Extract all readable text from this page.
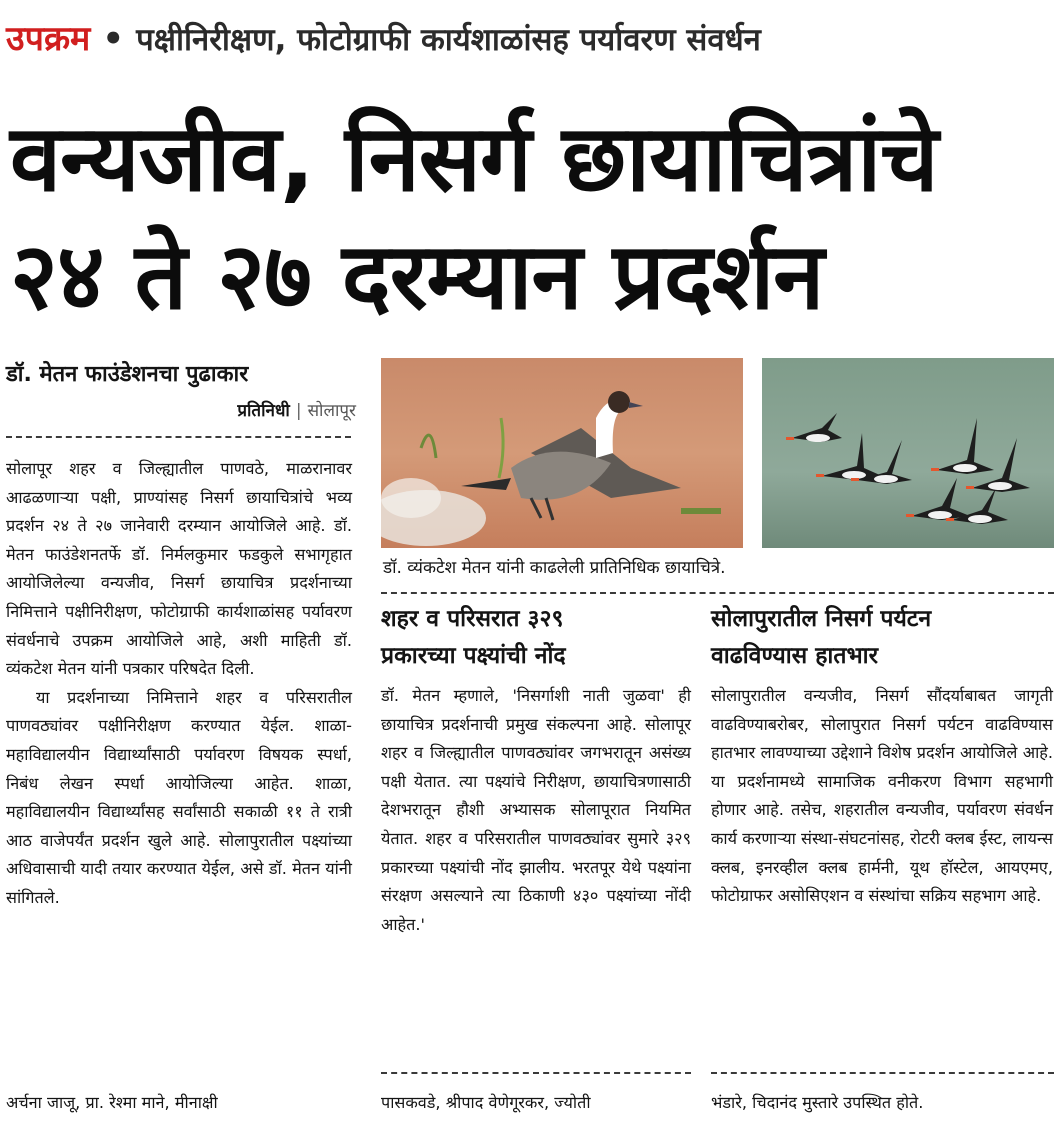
उपक्रम • पक्षीनिरीक्षण, फोटोग्राफी कार्यशाळांसह पर्यावरण संवर्धन
वन्यजीव, निसर्ग छायाचित्रांचे
२४ ते २७ दरम्यान प्रदर्शन
डॉ. मेतन फाउंडेशनचा पुढाकार
प्रतिनिधी | सोलापूर

सोलापूर शहर व जिल्ह्यातील पाणवठे, माळरानावर आढळणाऱ्या पक्षी, प्राण्यांसह निसर्ग छायाचित्रांचे भव्य प्रदर्शन २४ ते २७ जानेवारी दरम्यान आयोजिले आहे. डॉ. मेतन फाउंडेशनतर्फे डॉ. निर्मलकुमार फडकुले सभागृहात आयोजिलेल्या वन्यजीव, निसर्ग छायाचित्र प्रदर्शनाच्या निमित्ताने पक्षीनिरीक्षण, फोटोग्राफी कार्यशाळांसह पर्यावरण संवर्धनाचे उपक्रम आयोजिले आहे, अशी माहिती डॉ. व्यंकटेश मेतन यांनी पत्रकार परिषदेत दिली.

या प्रदर्शनाच्या निमित्ताने शहर व परिसरातील पाणवठ्यांवर पक्षीनिरीक्षण करण्यात येईल. शाळा-महाविद्यालयीन विद्यार्थ्यांसाठी पर्यावरण विषयक स्पर्धा, निबंध लेखन स्पर्धा आयोजिल्या आहेत. शाळा, महाविद्यालयीन विद्यार्थ्यांसह सर्वांसाठी सकाळी ११ ते रात्री आठ वाजेपर्यंत प्रदर्शन खुले आहे. सोलापुरातील पक्ष्यांच्या अधिवासाची यादी तयार करण्यात येईल, असे डॉ. मेतन यांनी सांगितले.

डॉ. व्यंकटेश मेतन यांनी काढलेली प्रातिनिधिक छायाचित्रे.
शहर व परिसरात ३२९
प्रकारच्या पक्ष्यांची नोंद
डॉ. मेतन म्हणाले, 'निसर्गाशी नाती जुळवा' ही छायाचित्र प्रदर्शनाची प्रमुख संकल्पना आहे. सोलापूर शहर व जिल्ह्यातील पाणवठ्यांवर जगभरातून असंख्य पक्षी येतात. त्या पक्ष्यांचे निरीक्षण, छायाचित्रणासाठी देशभरातून हौशी अभ्यासक सोलापूरात नियमित येतात. शहर व परिसरातील पाणवठ्यांवर सुमारे ३२९ प्रकारच्या पक्ष्यांची नोंद झालीय. भरतपूर येथे पक्ष्यांना संरक्षण असल्याने त्या ठिकाणी ४३० पक्ष्यांच्या नोंदी आहेत.'
सोलापुरातील निसर्ग पर्यटन
वाढविण्यास हातभार
सोलापुरातील वन्यजीव, निसर्ग सौंदर्याबाबत जागृती वाढविण्याबरोबर, सोलापुरात निसर्ग पर्यटन वाढविण्यास हातभार लावण्याच्या उद्देशाने विशेष प्रदर्शन आयोजिले आहे. या प्रदर्शनामध्ये सामाजिक वनीकरण विभाग सहभागी होणार आहे. तसेच, शहरातील वन्यजीव, पर्यावरण संवर्धन कार्य करणाऱ्या संस्था-संघटनांसह, रोटरी क्लब ईस्ट, लायन्स क्लब, इनरव्हील क्लब हार्मनी, यूथ हॉस्टेल, आयएमए, फोटोग्राफर असोसिएशन व संस्थांचा सक्रिय सहभाग आहे.
अर्चना जाजू, प्रा. रेश्मा माने, मीनाक्षी	पासकवडे, श्रीपाद वेणेगूरकर, ज्योती	भंडारे, चिदानंद मुस्तारे उपस्थित होते.
